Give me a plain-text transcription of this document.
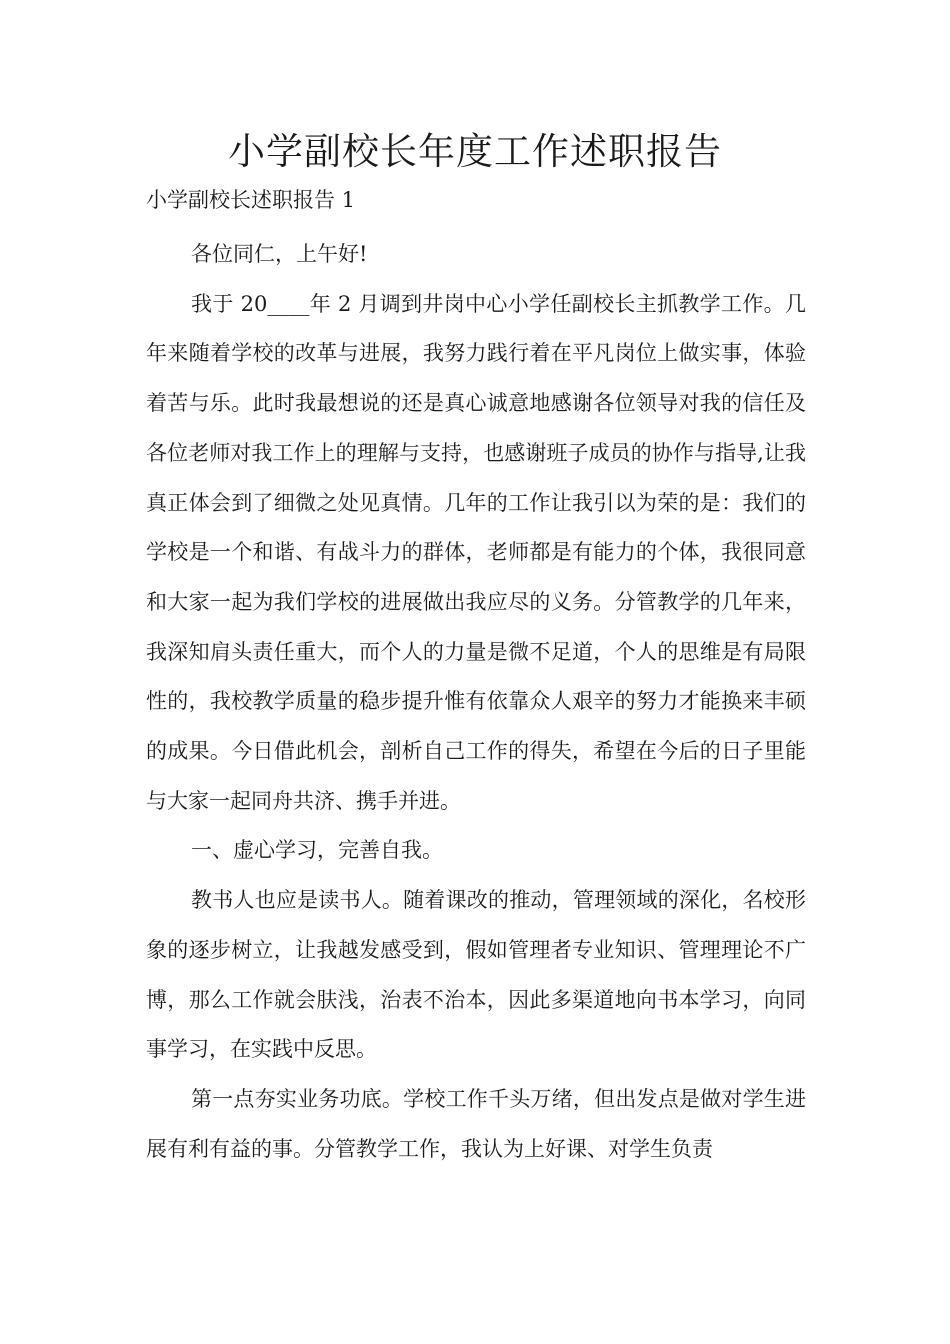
小学副校长年度工作述职报告
小学副校长述职报告 1

各位同仁，上午好!

我于 20____年 2 月调到井岗中心小学任副校长主抓教学工作。几年来随着学校的改革与进展，我努力践行着在平凡岗位上做实事，体验着苦与乐。此时我最想说的还是真心诚意地感谢各位领导对我的信任及各位老师对我工作上的理解与支持，也感谢班子成员的协作与指导,让我真正体会到了细微之处见真情。几年的工作让我引以为荣的是：我们的学校是一个和谐、有战斗力的群体，老师都是有能力的个体，我很同意和大家一起为我们学校的进展做出我应尽的义务。分管教学的几年来，我深知肩头责任重大，而个人的力量是微不足道，个人的思维是有局限性的，我校教学质量的稳步提升惟有依靠众人艰辛的努力才能换来丰硕的成果。今日借此机会，剖析自己工作的得失，希望在今后的日子里能与大家一起同舟共济、携手并进。

一、虚心学习，完善自我。

教书人也应是读书人。随着课改的推动，管理领域的深化，名校形象的逐步树立，让我越发感受到，假如管理者专业知识、管理理论不广博，那么工作就会肤浅，治表不治本，因此多渠道地向书本学习，向同事学习，在实践中反思。

第一点夯实业务功底。学校工作千头万绪，但出发点是做对学生进展有利有益的事。分管教学工作，我认为上好课、对学生负责
